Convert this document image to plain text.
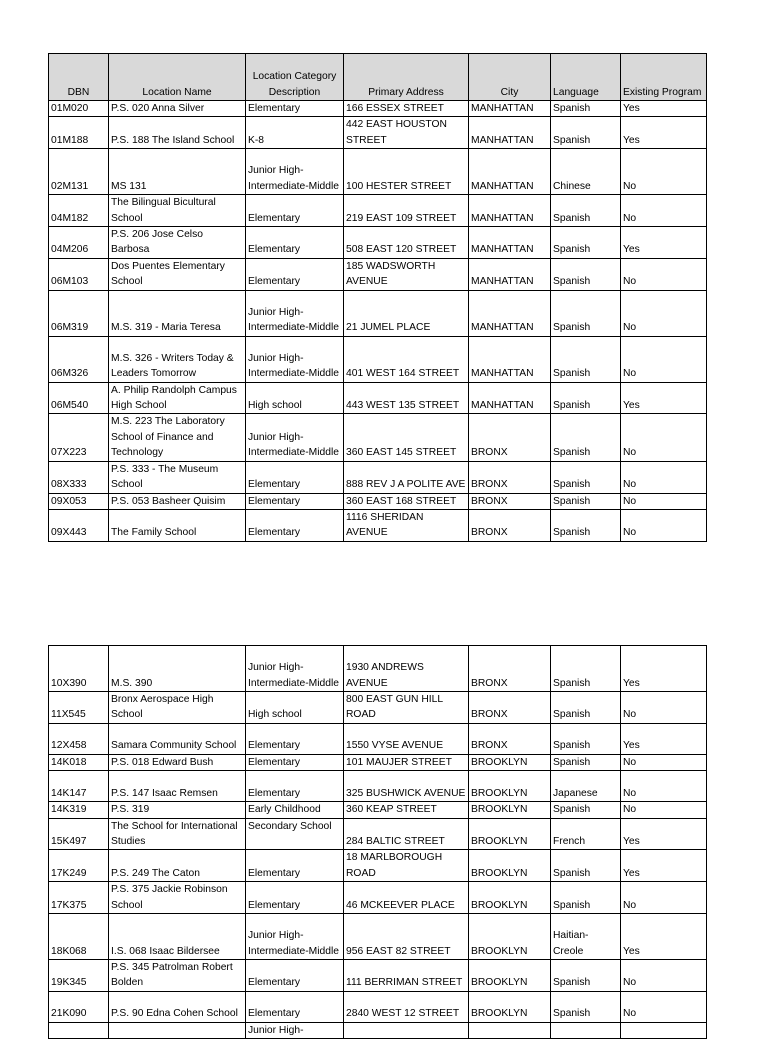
DBN	Location Name	Location Category Description	Primary Address	City	Language	Existing Program
01M020	P.S. 020 Anna Silver	Elementary	166 ESSEX STREET	MANHATTAN	Spanish	Yes
01M188	P.S. 188 The Island School	K-8	442 EAST HOUSTON STREET	MANHATTAN	Spanish	Yes
02M131	MS 131	Junior High-Intermediate-Middle	100 HESTER STREET	MANHATTAN	Chinese	No
04M182	The Bilingual Bicultural School	Elementary	219 EAST 109 STREET	MANHATTAN	Spanish	No
04M206	P.S. 206 Jose Celso Barbosa	Elementary	508 EAST 120 STREET	MANHATTAN	Spanish	Yes
06M103	Dos Puentes Elementary School	Elementary	185 WADSWORTH AVENUE	MANHATTAN	Spanish	No
06M319	M.S. 319 - Maria Teresa	Junior High-Intermediate-Middle	21 JUMEL PLACE	MANHATTAN	Spanish	No
06M326	M.S. 326 - Writers Today & Leaders Tomorrow	Junior High-Intermediate-Middle	401 WEST 164 STREET	MANHATTAN	Spanish	No
06M540	A. Philip Randolph Campus High School	High school	443 WEST 135 STREET	MANHATTAN	Spanish	Yes
07X223	M.S. 223 The Laboratory School of Finance and Technology	Junior High-Intermediate-Middle	360 EAST 145 STREET	BRONX	Spanish	No
08X333	P.S. 333 - The Museum School	Elementary	888 REV J A POLITE AVE	BRONX	Spanish	No
09X053	P.S. 053 Basheer Quisim	Elementary	360 EAST 168 STREET	BRONX	Spanish	No
09X443	The Family School	Elementary	1116 SHERIDAN AVENUE	BRONX	Spanish	No
10X390	M.S. 390	Junior High-Intermediate-Middle	1930 ANDREWS AVENUE	BRONX	Spanish	Yes
11X545	Bronx Aerospace High School	High school	800 EAST GUN HILL ROAD	BRONX	Spanish	No
12X458	Samara Community School	Elementary	1550 VYSE AVENUE	BRONX	Spanish	Yes
14K018	P.S. 018 Edward Bush	Elementary	101 MAUJER STREET	BROOKLYN	Spanish	No
14K147	P.S. 147 Isaac Remsen	Elementary	325 BUSHWICK AVENUE	BROOKLYN	Japanese	No
14K319	P.S. 319	Early Childhood	360 KEAP STREET	BROOKLYN	Spanish	No
15K497	The School for International Studies	Secondary School	284 BALTIC STREET	BROOKLYN	French	Yes
17K249	P.S. 249 The Caton	Elementary	18 MARLBOROUGH ROAD	BROOKLYN	Spanish	Yes
17K375	P.S. 375 Jackie Robinson School	Elementary	46 MCKEEVER PLACE	BROOKLYN	Spanish	No
18K068	I.S. 068 Isaac Bildersee	Junior High-Intermediate-Middle	956 EAST 82 STREET	BROOKLYN	Haitian-Creole	Yes
19K345	P.S. 345 Patrolman Robert Bolden	Elementary	111 BERRIMAN STREET	BROOKLYN	Spanish	No
21K090	P.S. 90 Edna Cohen School	Elementary	2840 WEST 12 STREET	BROOKLYN	Spanish	No
		Junior High-				
